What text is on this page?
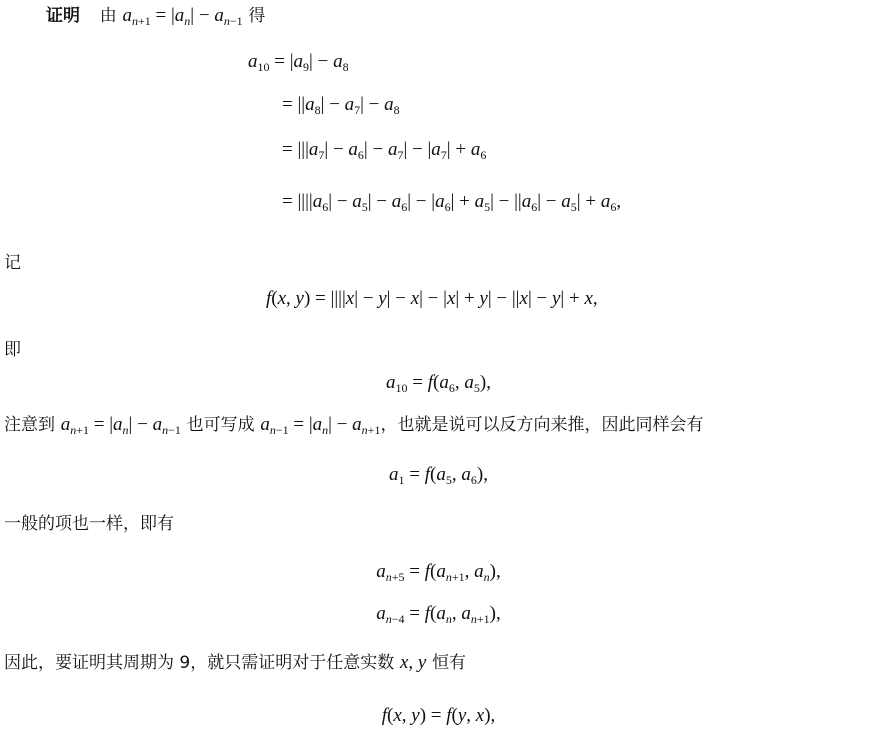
证明 由 $a_{n+1} = |a_n| - a_{n-1}$ 得
$a_{10} = |a_9| - a_8$
= $||a_8| - a_7| - a_8$
= $|||a_7| - a_6| - a_7| - |a_7| + a_6$
= $||||a_6| - a_5| - a_6| - |a_6| + a_5| - ||a_6| - a_5| + a_6$,
记
f(x, y) = ||||x| − y| − x| − |x| + y| − ||x| − y| + x,
即
$a_{10} = f(a_6$, $a_5$),
注意到 $a_{n+1} = |a_n| - a_{n-1}$ 也可写成 $a_{n-1} = |a_n| - a_{n+1}$，也就是说可以反方向来推，因此同样会有
$a_1 = f(a_5$, $a_6$),
一般的项也一样，即有
$a_{n+5} = f(a_{n+1}$, $a_n$),
$a_{n-4} = f(a_n$, $a_{n+1}$),
因此，要证明其周期为 9，就只需证明对于任意实数 x, y 恒有
f(x, y) = f(y, x),
